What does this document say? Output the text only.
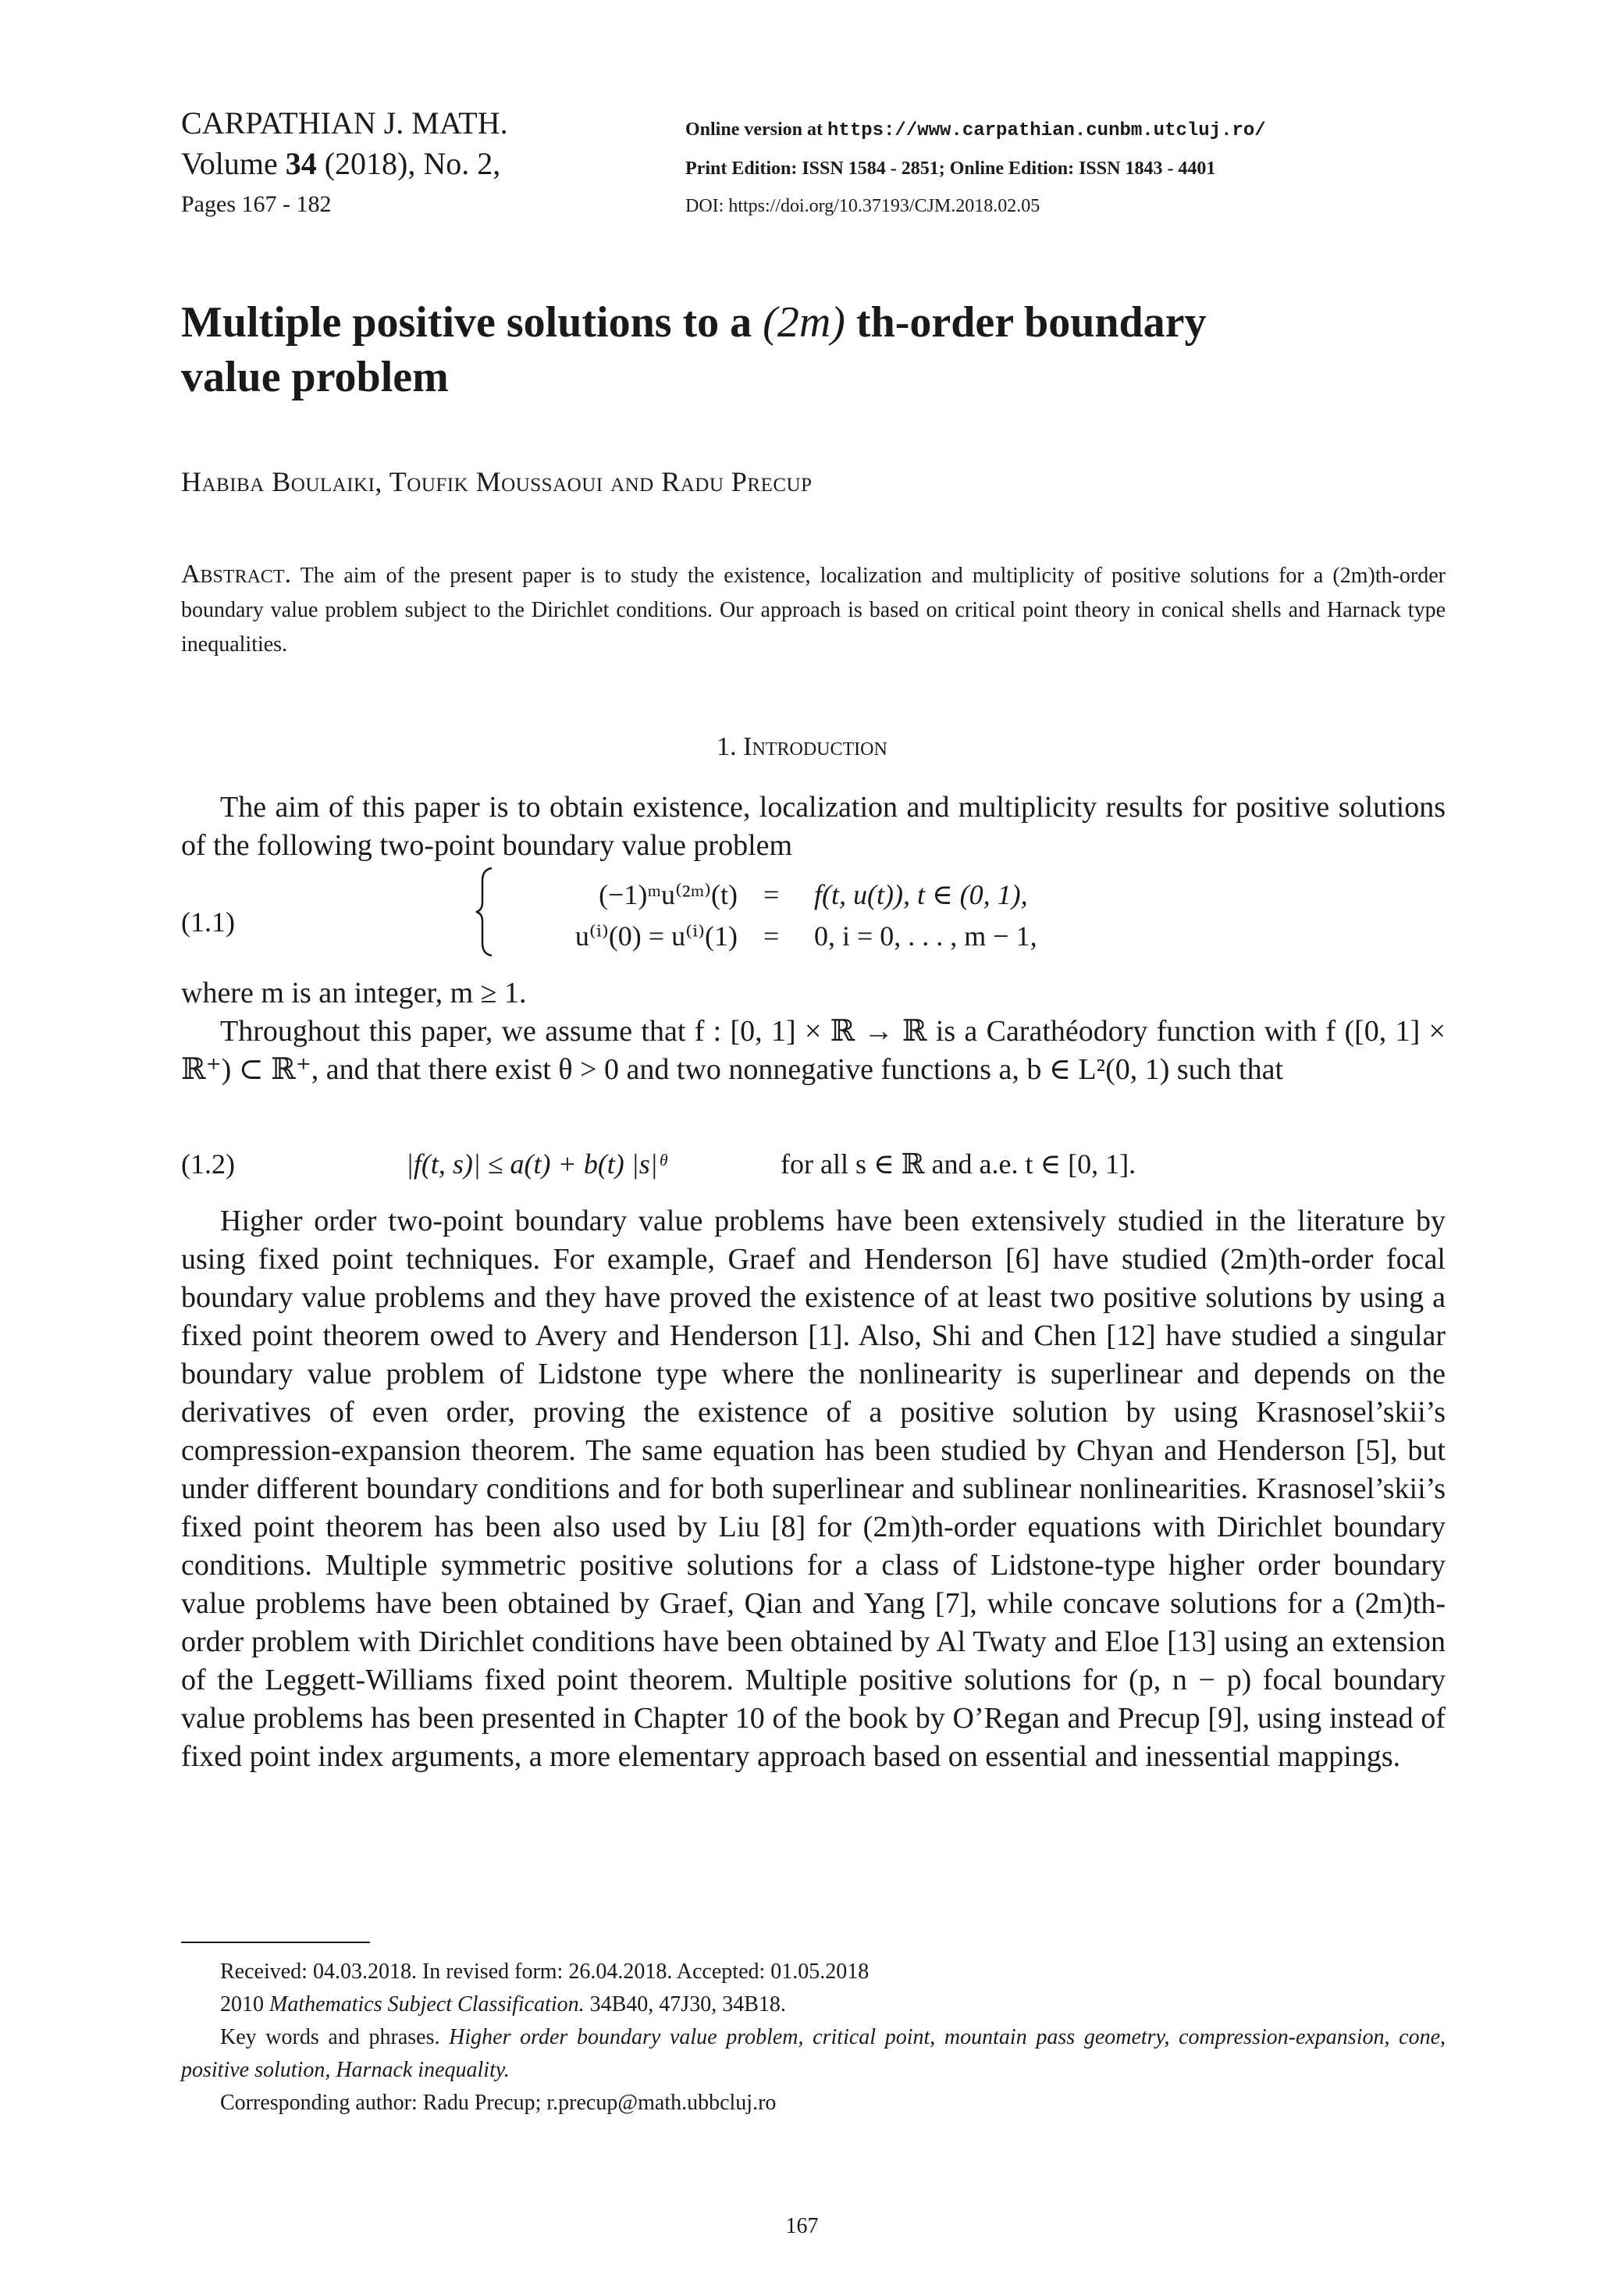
CARPATHIAN J. MATH.
Volume 34 (2018), No. 2,
Pages 167 - 182
Online version at https://www.carpathian.cunbm.utcluj.ro/
Print Edition: ISSN 1584 - 2851; Online Edition: ISSN 1843 - 4401
DOI: https://doi.org/10.37193/CJM.2018.02.05
Multiple positive solutions to a (2m) th-order boundary
value problem
Habiba Boulaiki, Toufik Moussaoui and Radu Precup
Abstract. The aim of the present paper is to study the existence, localization and multiplicity of positive solutions for a (2m)th-order boundary value problem subject to the Dirichlet conditions. Our approach is based on critical point theory in conical shells and Harnack type inequalities.
1. Introduction

The aim of this paper is to obtain existence, localization and multiplicity results for positive solutions of the following two-point boundary value problem

(1.1)
(−1)ᵐu⁽²ᵐ⁾(t) = f(t, u(t)), t ∈ (0, 1),
u⁽ⁱ⁾(0) = u⁽ⁱ⁾(1) = 0, i = 0, . . . , m − 1,
where m is an integer, m ≥ 1.

Throughout this paper, we assume that f : [0, 1] × ℝ → ℝ is a Carathéodory function with f ([0, 1] × ℝ⁺) ⊂ ℝ⁺, and that there exist θ > 0 and two nonnegative functions a, b ∈ L²(0, 1) such that

(1.2)	|f(t, s)| ≤ a(t) + b(t) |s|ᶿ	for all s ∈ ℝ and a.e. t ∈ [0, 1].

Higher order two-point boundary value problems have been extensively studied in the literature by using fixed point techniques. For example, Graef and Henderson [6] have studied (2m)th-order focal boundary value problems and they have proved the existence of at least two positive solutions by using a fixed point theorem owed to Avery and Henderson [1]. Also, Shi and Chen [12] have studied a singular boundary value problem of Lidstone type where the nonlinearity is superlinear and depends on the derivatives of even order, proving the existence of a positive solution by using Krasnosel’skii’s compression-expansion theorem. The same equation has been studied by Chyan and Henderson [5], but under different boundary conditions and for both superlinear and sublinear nonlinearities. Krasnosel’skii’s fixed point theorem has been also used by Liu [8] for (2m)th-order equations with Dirichlet boundary conditions. Multiple symmetric positive solutions for a class of Lidstone-type higher order boundary value problems have been obtained by Graef, Qian and Yang [7], while concave solutions for a (2m)th-order problem with Dirichlet conditions have been obtained by Al Twaty and Eloe [13] using an extension of the Leggett-Williams fixed point theorem. Multiple positive solutions for (p, n − p) focal boundary value problems has been presented in Chapter 10 of the book by O’Regan and Precup [9], using instead of fixed point index arguments, a more elementary approach based on essential and inessential mappings.

Received: 04.03.2018. In revised form: 26.04.2018. Accepted: 01.05.2018

2010 Mathematics Subject Classification. 34B40, 47J30, 34B18.

Key words and phrases. Higher order boundary value problem, critical point, mountain pass geometry, compression-expansion, cone, positive solution, Harnack inequality.

Corresponding author: Radu Precup; r.precup@math.ubbcluj.ro

167
